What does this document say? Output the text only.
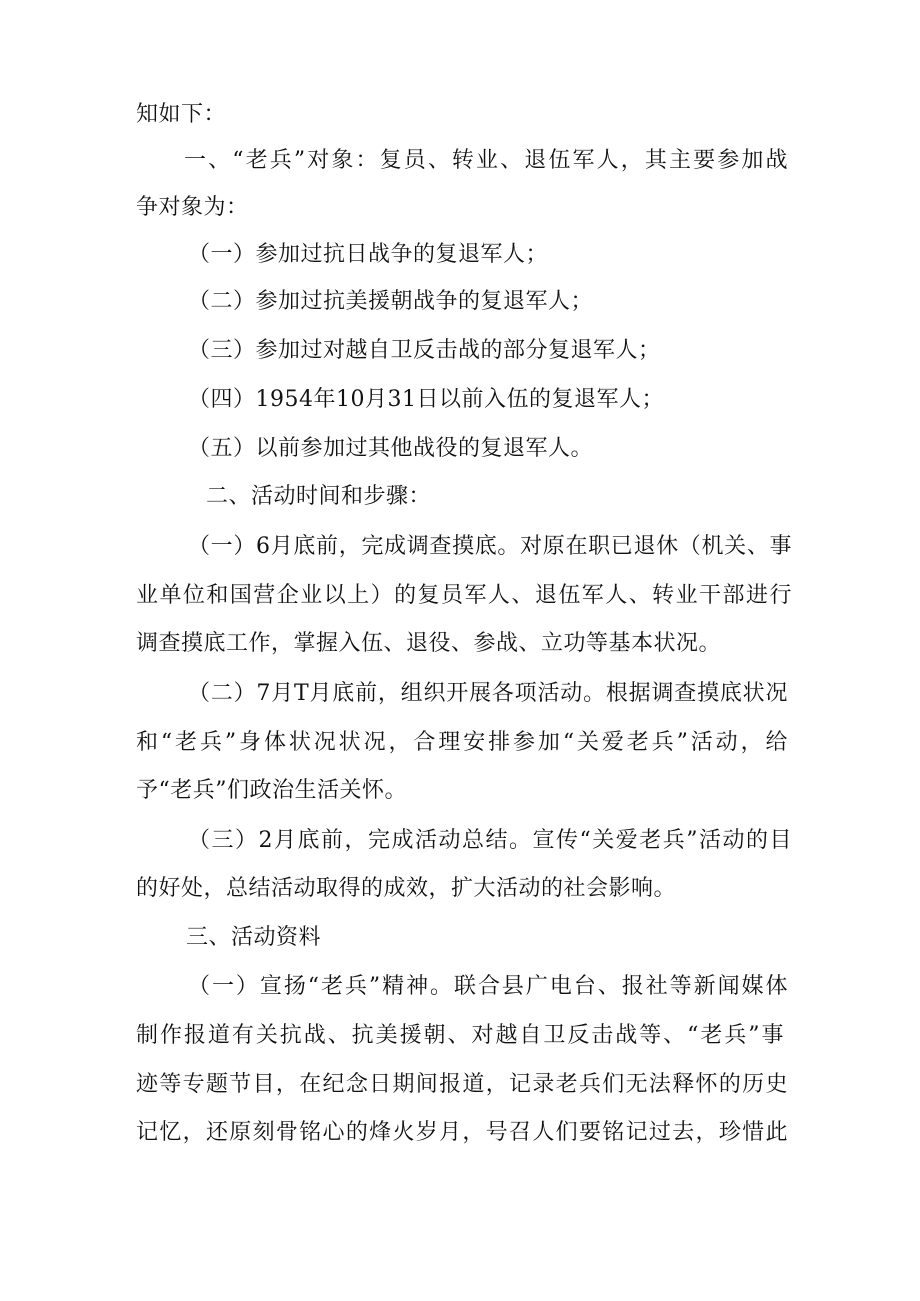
知如下：
一、“老兵”对象：复员、转业、退伍军人，其主要参加战
争对象为：
（一）参加过抗日战争的复退军人；
（二）参加过抗美援朝战争的复退军人；
（三）参加过对越自卫反击战的部分复退军人；
（四）1954年10月31日以前入伍的复退军人；
（五）以前参加过其他战役的复退军人。
二、活动时间和步骤：
（一）6月底前，完成调查摸底。对原在职已退休（机关、事
业单位和国营企业以上）的复员军人、退伍军人、转业干部进行
调查摸底工作，掌握入伍、退役、参战、立功等基本状况。
（二）7月T月底前，组织开展各项活动。根据调查摸底状况
和“老兵”身体状况状况，合理安排参加“关爱老兵”活动，给
予“老兵”们政治生活关怀。
（三）2月底前，完成活动总结。宣传“关爱老兵”活动的目
的好处，总结活动取得的成效，扩大活动的社会影响。
三、活动资料
（一）宣扬“老兵”精神。联合县广电台、报社等新闻媒体
制作报道有关抗战、抗美援朝、对越自卫反击战等、“老兵”事
迹等专题节目，在纪念日期间报道，记录老兵们无法释怀的历史
记忆，还原刻骨铭心的烽火岁月，号召人们要铭记过去，珍惜此
